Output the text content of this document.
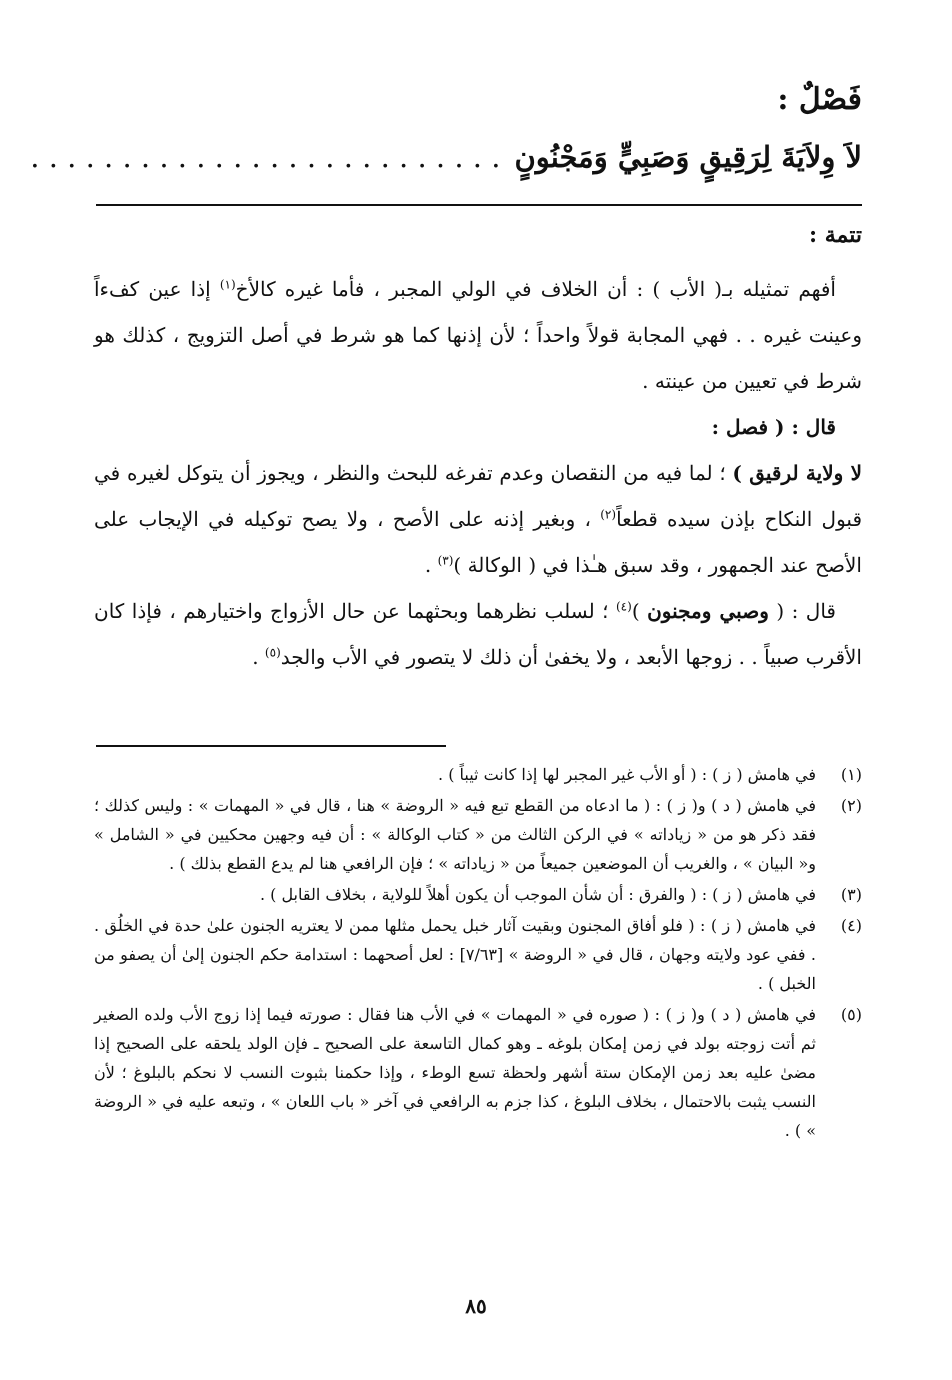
فَصْلٌ :
لاَ وِلاَيَةَ لِرَقِيقٍ وَصَبِيٍّ وَمَجْنُونٍ. . . . . . . . . . . . . . . . . . . . . . . . . .
تتمة :

أفهم تمثيله بـ( الأب ) : أن الخلاف في الولي المجبر ، فأما غيره كالأخ$^{(١)}$ إذا عين كفءاً وعينت غيره . . فهي المجابة قولاً واحداً ؛ لأن إذنها كما هو شرط في أصل التزويج ، كذلك هو شرط في تعيين من عينته .

قال : ( فصل :

لا ولاية لرقيق ) ؛ لما فيه من النقصان وعدم تفرغه للبحث والنظر ، ويجوز أن يتوكل لغيره في قبول النكاح بإذن سيده قطعاً$^{(٢)}$ ، وبغير إذنه على الأصح ، ولا يصح توكيله في الإيجاب على الأصح عند الجمهور ، وقد سبق هـٰذا في ( الوكالة )$^{(٣)}$ .

قال : ( وصبي ومجنون )$^{(٤)}$ ؛ لسلب نظرهما وبحثهما عن حال الأزواج واختيارهم ، فإذا كان الأقرب صبياً . . زوجها الأبعد ، ولا يخفىٰ أن ذلك لا يتصور في الأب والجد$^{(٥)}$ .

(١)
في هامش ( ز ) : ( أو الأب غير المجبر لها إذا كانت ثيباً ) .
(٢)
في هامش ( د ) و( ز ) : ( ما ادعاه من القطع تبع فيه « الروضة » هنا ، قال في « المهمات » : وليس كذلك ؛ فقد ذكر هو من « زياداته » في الركن الثالث من « كتاب الوكالة » : أن فيه وجهين محكيين في « الشامل » و« البيان » ، والغريب أن الموضعين جميعاً من « زياداته » ؛ فإن الرافعي هنا لم يدع القطع بذلك ) .
(٣)
في هامش ( ز ) : ( والفرق : أن شأن الموجب أن يكون أهلاً للولاية ، بخلاف القابل ) .
(٤)
في هامش ( ز ) : ( فلو أفاق المجنون وبقيت آثار خبل يحمل مثلها ممن لا يعتريه الجنون علىٰ حدة في الخلُق . . ففي عود ولايته وجهان ، قال في « الروضة » [٧/٦٣] : لعل أصحهما : استدامة حكم الجنون إلىٰ أن يصفو من الخبل ) .
(٥)
في هامش ( د ) و( ز ) : ( صوره في « المهمات » في الأب هنا فقال : صورته فيما إذا زوج الأب ولده الصغير ثم أتت زوجته بولد في زمن إمكان بلوغه ـ وهو كمال التاسعة على الصحيح ـ فإن الولد يلحقه على الصحيح إذا مضىٰ عليه بعد زمن الإمكان ستة أشهر ولحظة تسع الوطء ، وإذا حكمنا بثبوت النسب لا نحكم بالبلوغ ؛ لأن النسب يثبت بالاحتمال ، بخلاف البلوغ ، كذا جزم به الرافعي في آخر « باب اللعان » ، وتبعه عليه في « الروضة » ) .
٨٥
